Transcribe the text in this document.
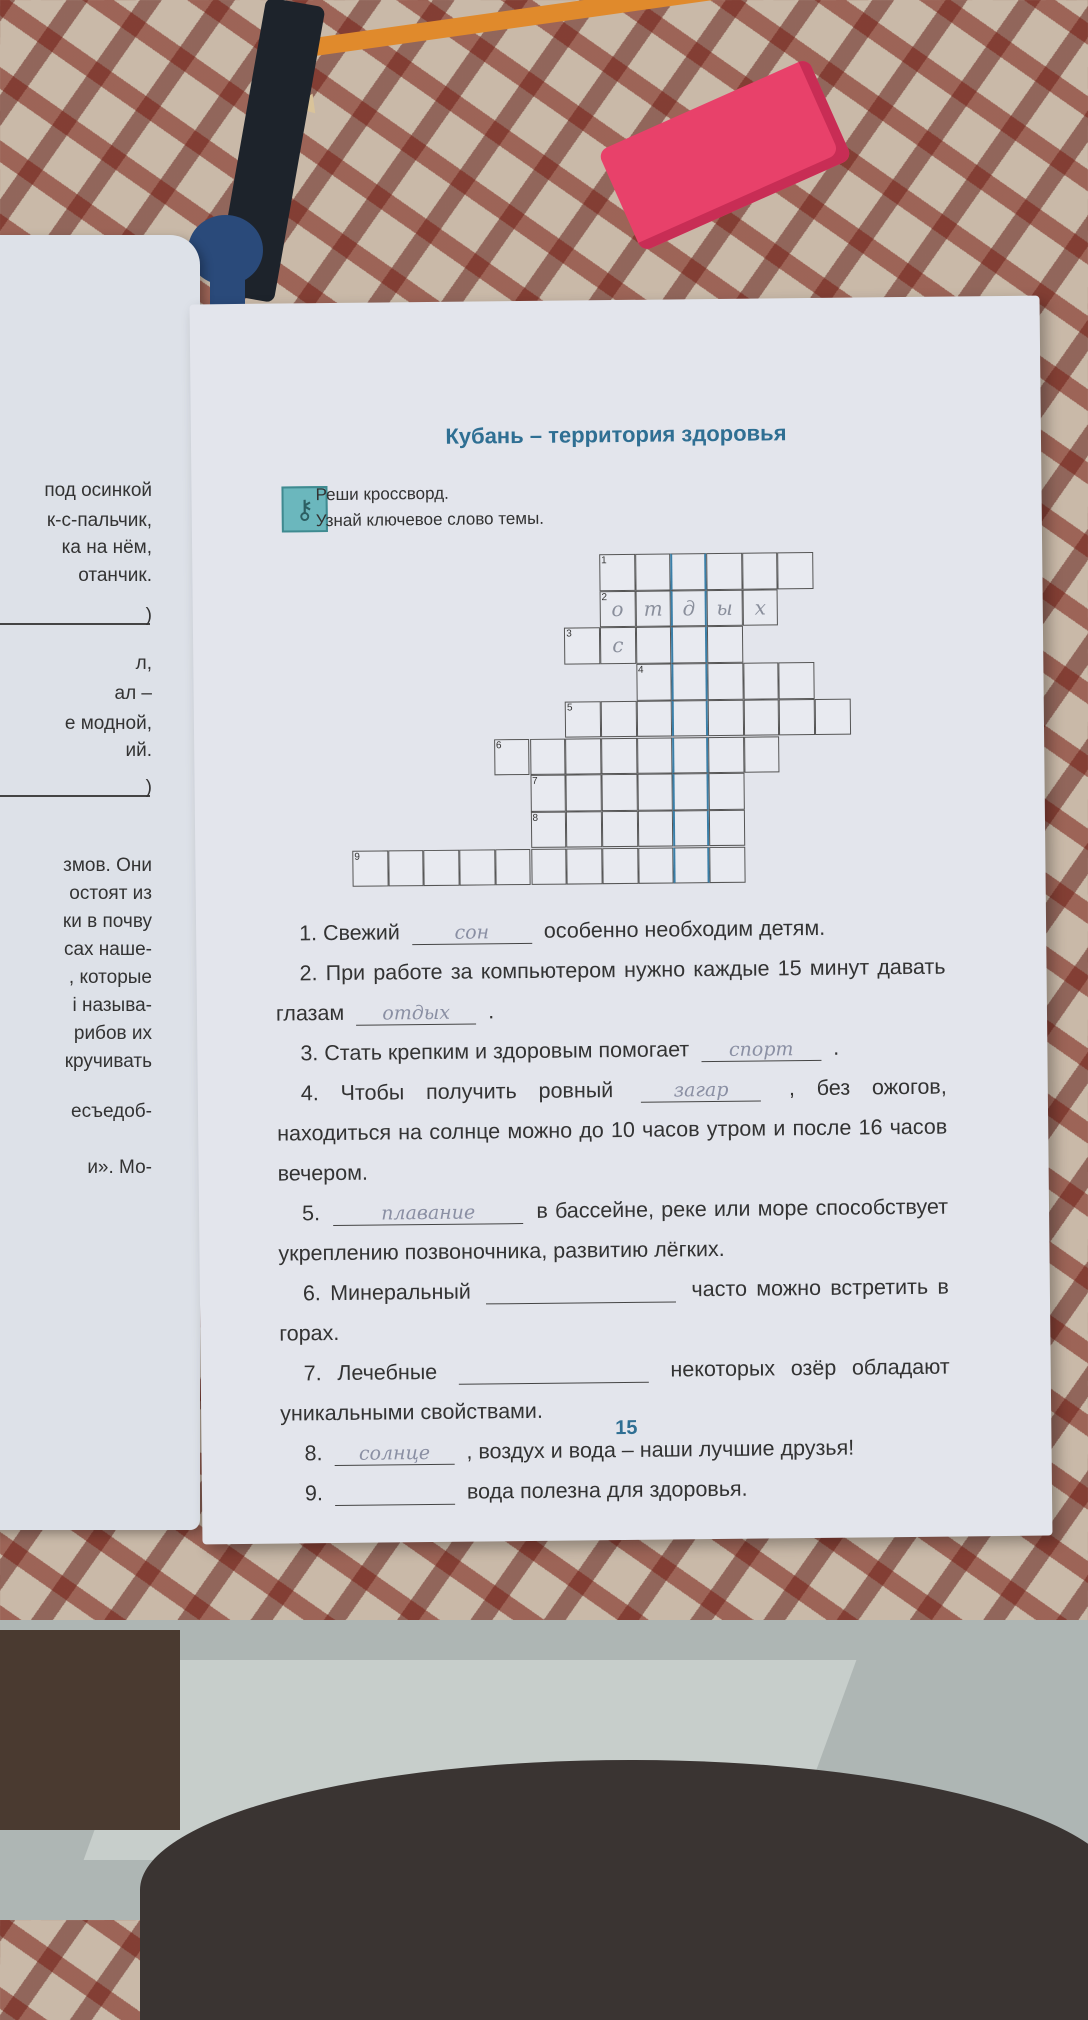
под осинкой
к-с-пальчик,
ка на нём,
отанчик.
)
л,
ал –
е модной,
ий.
)
змов. Они
остоят из
ки в почву
сах наше-
, которые
і называ-
рибов их
кручивать
есъедоб-
и». Мо-
Кубань – территория здоровья
⚷ Реши кроссворд.
Узнай ключевое слово темы.
1
2 о т д	ы	х
3	с
4
5
6
7
8
9

1. Свежий	сон	особенно необходим детям.

2. При работе за компьютером нужно каждые 15 минут давать глазам отдых .

3. Стать крепким и здоровым помогает спорт .

4. Чтобы получить ровный	загар	, без ожогов, находиться на солнце можно до 10 часов утром и после 16 часов вечером.

5.	плавание	в бассейне, реке или море способствует укреплению позвоночника, развитию лёгких.

6. Минеральный	часто можно встретить в горах.

7. Лечебные	некоторых озёр обладают уникальными свойствами.

8. солнце , воздух и вода – наши лучшие друзья!

9.	вода полезна для здоровья.

15
